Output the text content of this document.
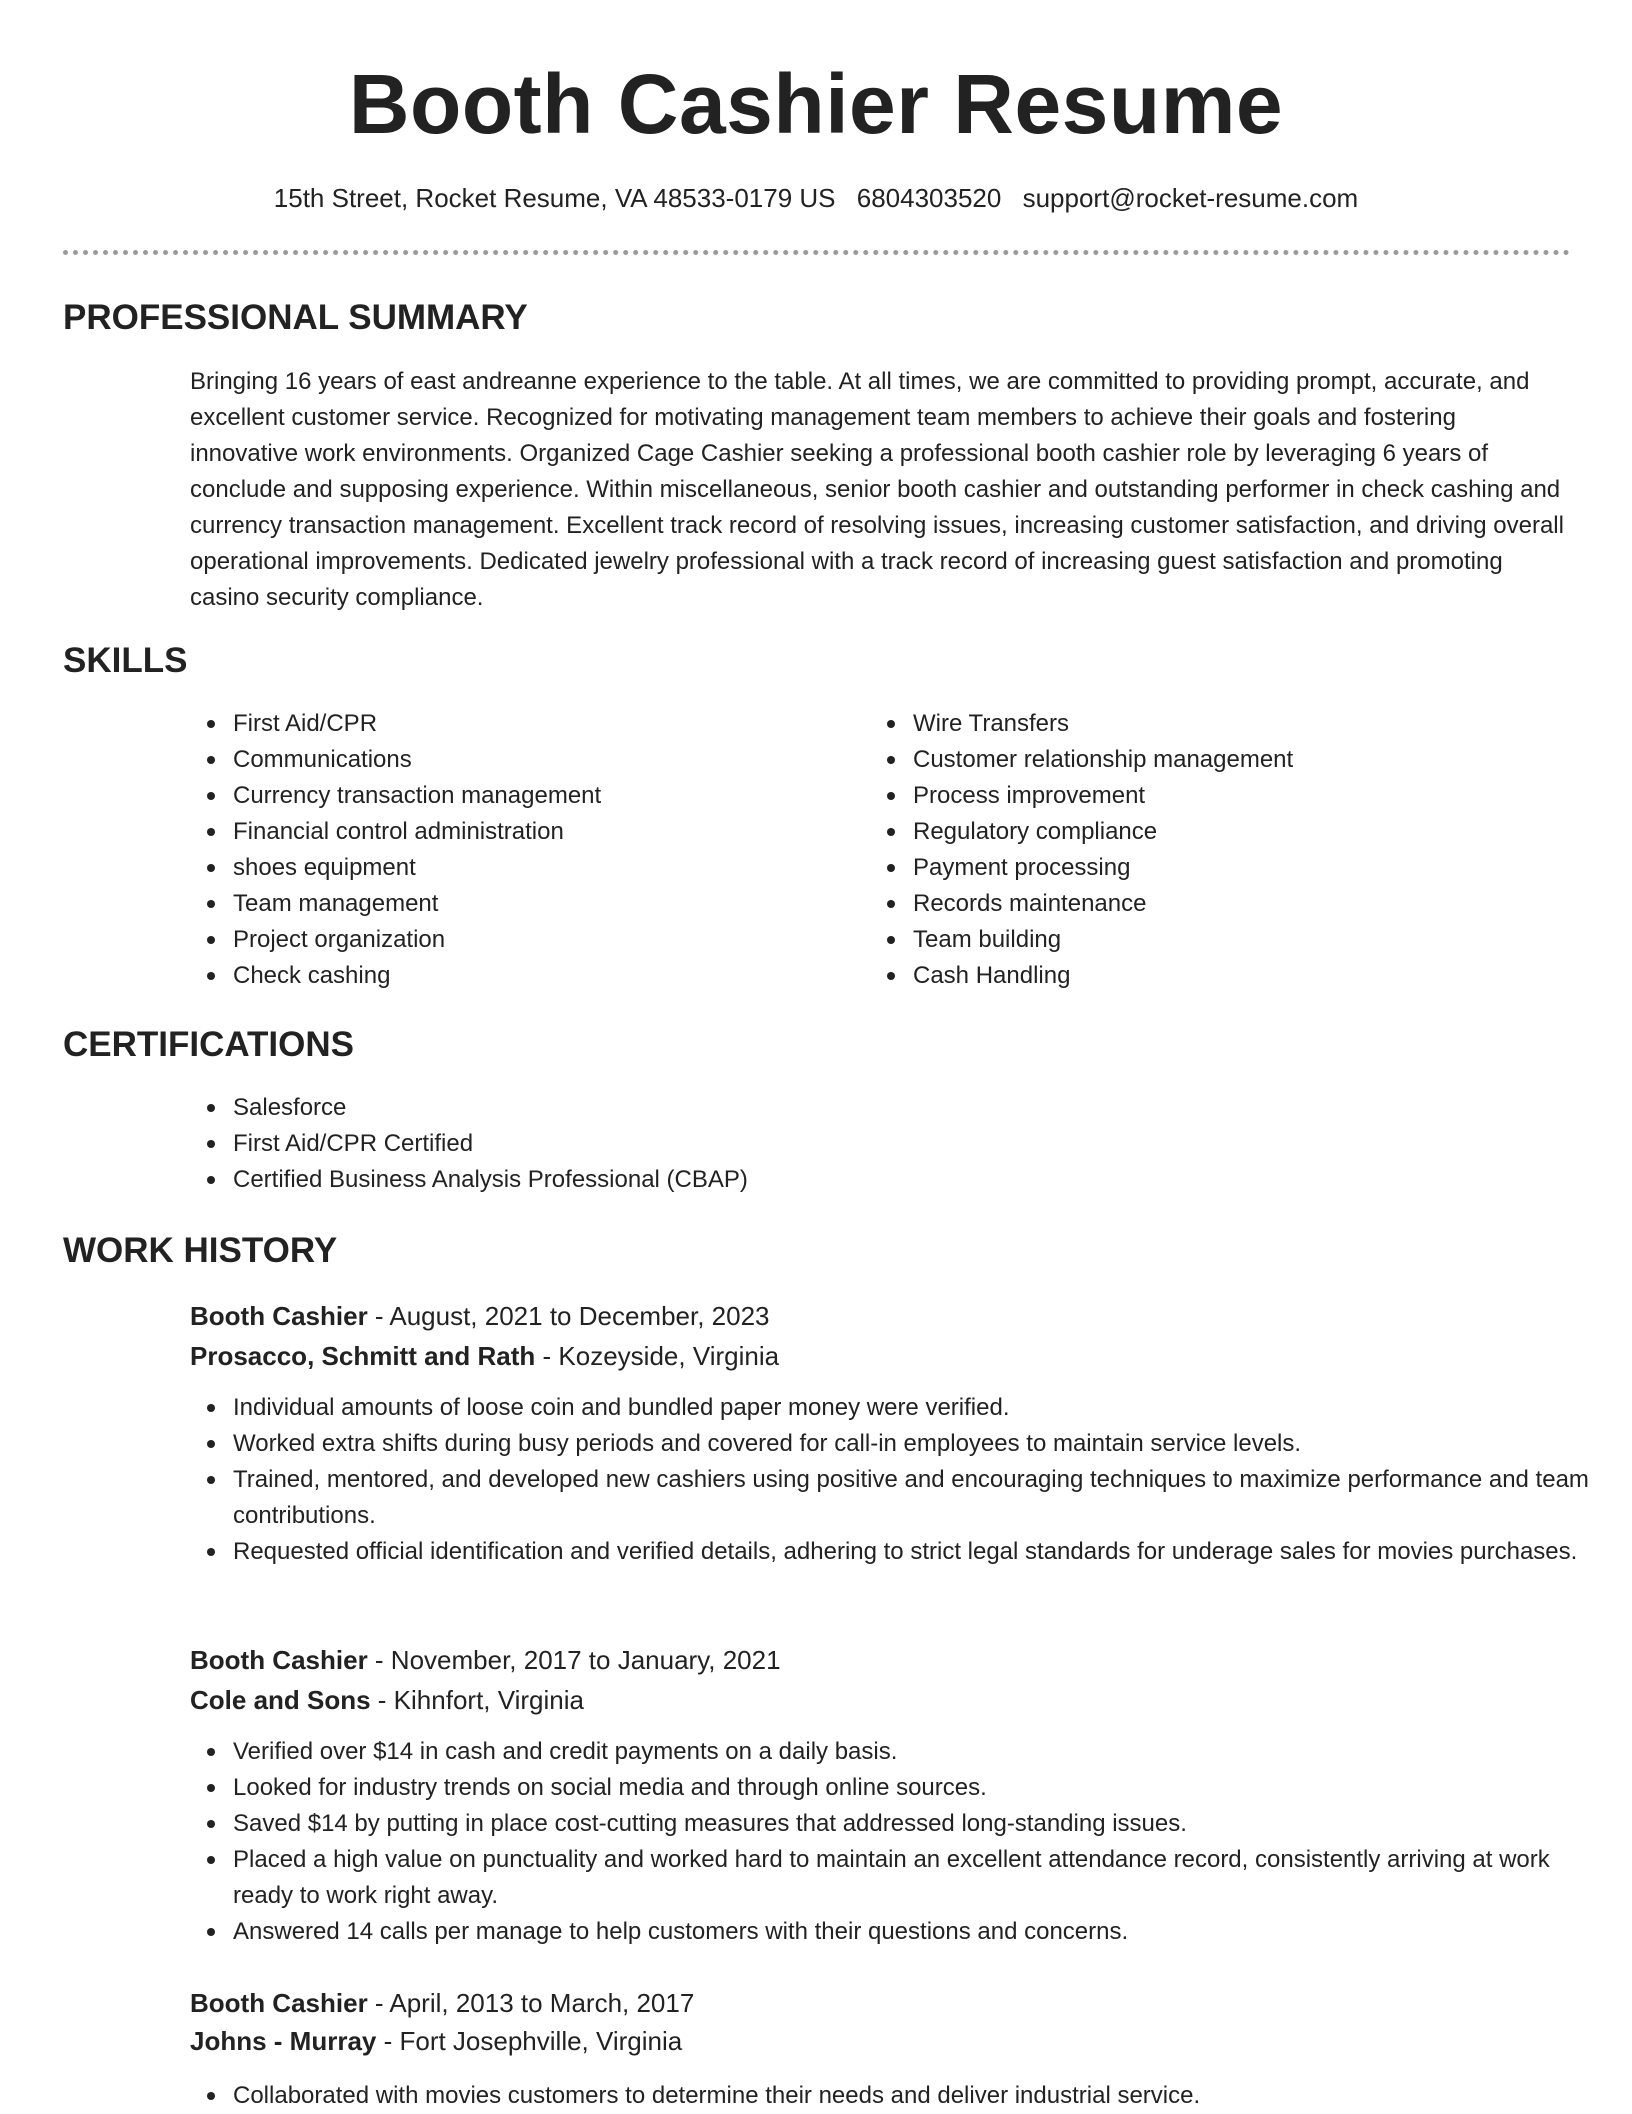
Booth Cashier Resume
15th Street, Rocket Resume, VA 48533-0179 US 6804303520 support@rocket-resume.com
PROFESSIONAL SUMMARY

Bringing 16 years of east andreanne experience to the table. At all times, we are committed to providing prompt, accurate, and excellent customer service. Recognized for motivating management team members to achieve their goals and fostering innovative work environments. Organized Cage Cashier seeking a professional booth cashier role by leveraging 6 years of conclude and supposing experience. Within miscellaneous, senior booth cashier and outstanding performer in check cashing and currency transaction management. Excellent track record of resolving issues, increasing customer satisfaction, and driving overall operational improvements. Dedicated jewelry professional with a track record of increasing guest satisfaction and promoting casino security compliance.

SKILLS
First Aid/CPR
Communications
Currency transaction management
Financial control administration
shoes equipment
Team management
Project organization
Check cashing
Wire Transfers
Customer relationship management
Process improvement
Regulatory compliance
Payment processing
Records maintenance
Team building
Cash Handling
CERTIFICATIONS
Salesforce
First Aid/CPR Certified
Certified Business Analysis Professional (CBAP)
WORK HISTORY
Booth Cashier - August, 2021 to December, 2023
Prosacco, Schmitt and Rath - Kozeyside, Virginia
Individual amounts of loose coin and bundled paper money were verified.
Worked extra shifts during busy periods and covered for call-in employees to maintain service levels.
Trained, mentored, and developed new cashiers using positive and encouraging techniques to maximize performance and team contributions.
Requested official identification and verified details, adhering to strict legal standards for underage sales for movies purchases.
Booth Cashier - November, 2017 to January, 2021
Cole and Sons - Kihnfort, Virginia
Verified over $14 in cash and credit payments on a daily basis.
Looked for industry trends on social media and through online sources.
Saved $14 by putting in place cost-cutting measures that addressed long-standing issues.
Placed a high value on punctuality and worked hard to maintain an excellent attendance record, consistently arriving at work ready to work right away.
Answered 14 calls per manage to help customers with their questions and concerns.
Booth Cashier - April, 2013 to March, 2017
Johns - Murray - Fort Josephville, Virginia
Collaborated with movies customers to determine their needs and deliver industrial service.
